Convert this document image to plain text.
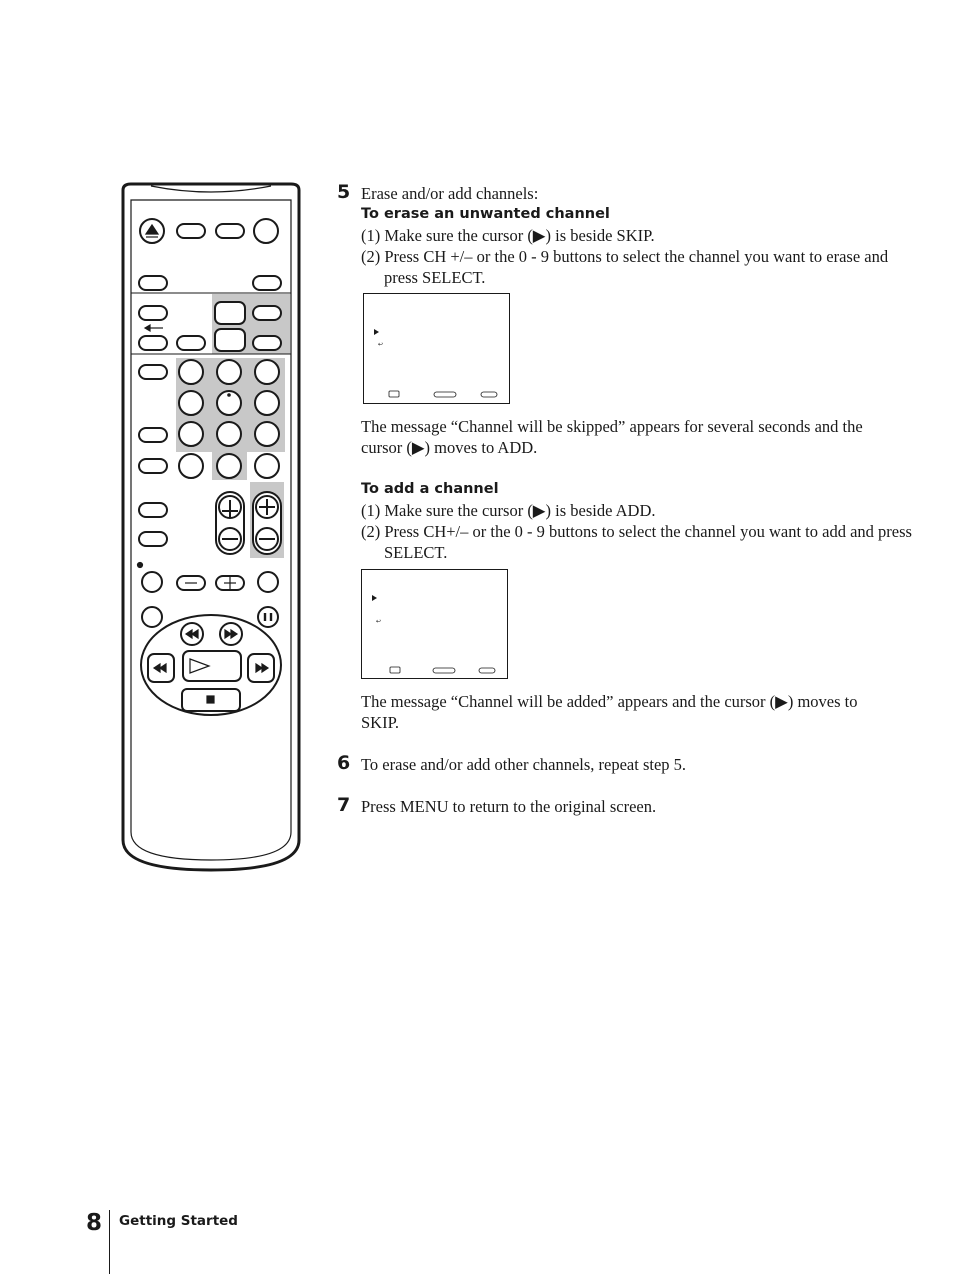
5 Erase and/or add channels:
To erase an unwanted channel
(1) Make sure the cursor (▶) is beside SKIP.
(2) Press CH +/– or the 0 - 9 buttons to select the channel you want to erase and press SELECT.
↩
The message “Channel will be skipped” appears for several seconds and the cursor (▶) moves to ADD.
To add a channel
(1) Make sure the cursor (▶) is beside ADD.
(2) Press CH+/– or the 0 - 9 buttons to select the channel you want to add and press SELECT.
↩
The message “Channel will be added” appears and the cursor (▶) moves to SKIP.
6 To erase and/or add other channels, repeat step 5.
7 Press MENU to return to the original screen.
8 Getting Started
